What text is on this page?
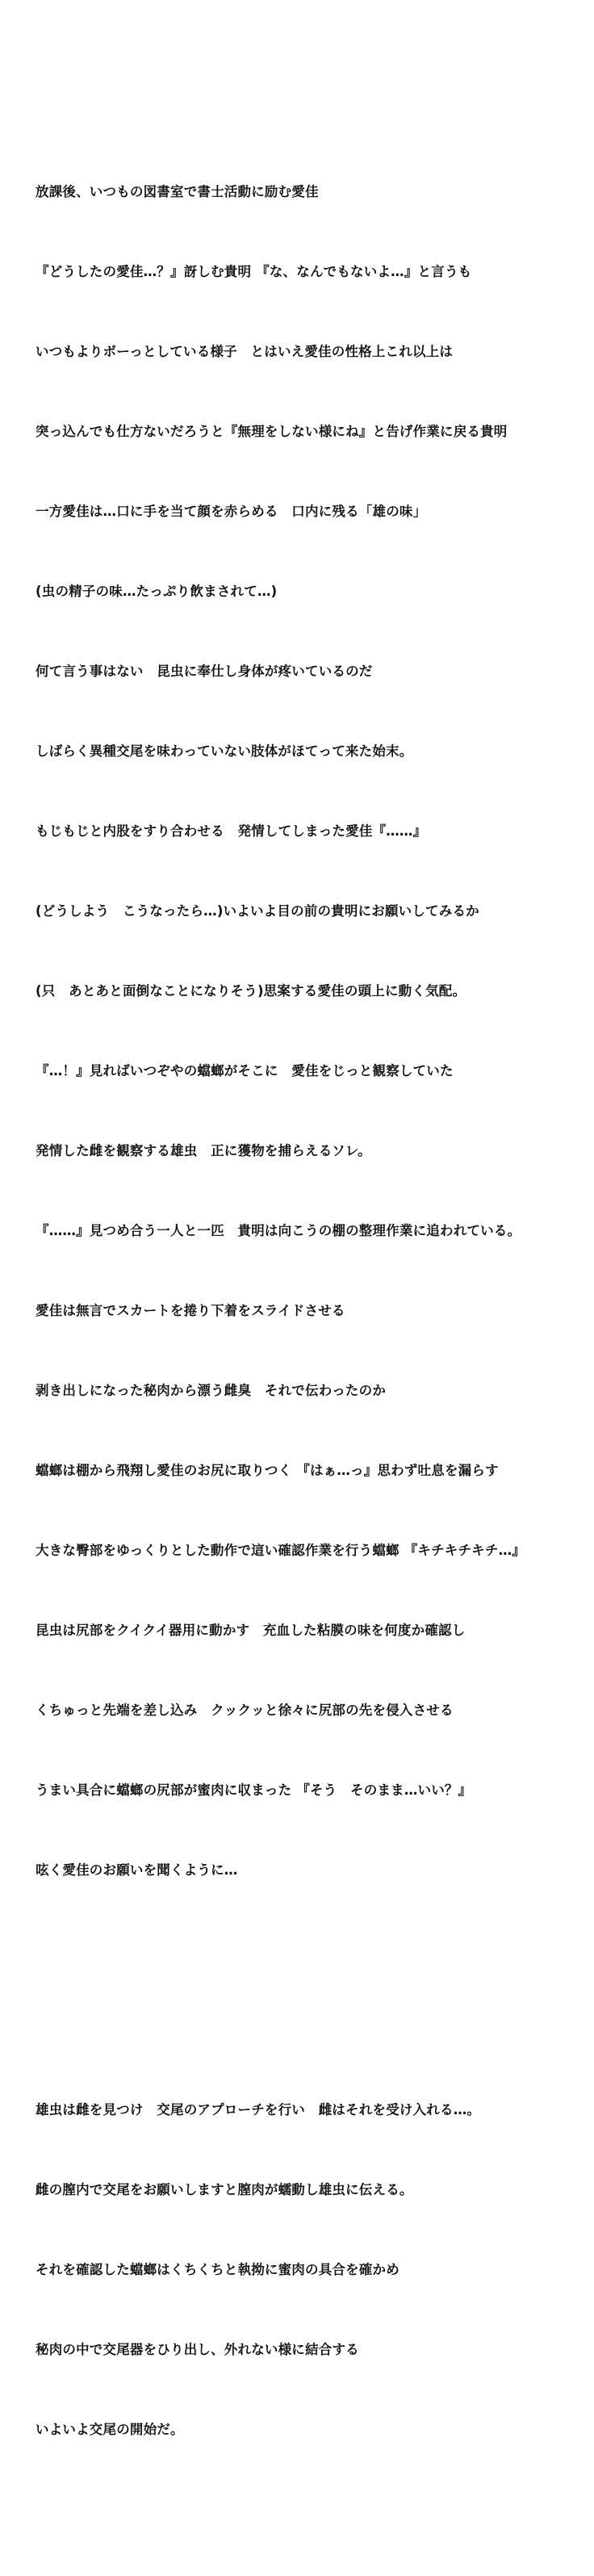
放課後、いつもの図書室で書士活動に励む愛佳

『どうしたの愛佳…？』訝しむ貴明 『な、なんでもないよ…』と言うも

いつもよりボーっとしている様子　とはいえ愛佳の性格上これ以上は

突っ込んでも仕方ないだろうと『無理をしない様にね』と告げ作業に戻る貴明

一方愛佳は…口に手を当て顔を赤らめる　口内に残る「雄の味」

(虫の精子の味…たっぷり飲まされて…)

何て言う事はない　昆虫に奉仕し身体が疼いているのだ

しばらく異種交尾を味わっていない肢体がほてって来た始末。

もじもじと内股をすり合わせる　発情してしまった愛佳『……』

(どうしよう　こうなったら…)いよいよ目の前の貴明にお願いしてみるか

(只　あとあと面倒なことになりそう)思案する愛佳の頭上に動く気配。

『…！』見ればいつぞやの蟷螂がそこに　愛佳をじっと観察していた

発情した雌を観察する雄虫　正に獲物を捕らえるソレ。

『……』見つめ合う一人と一匹　貴明は向こうの棚の整理作業に追われている。

愛佳は無言でスカートを捲り下着をスライドさせる

剥き出しになった秘肉から漂う雌臭　それで伝わったのか

蟷螂は棚から飛翔し愛佳のお尻に取りつく 『はぁ…っ』思わず吐息を漏らす

大きな臀部をゆっくりとした動作で這い確認作業を行う蟷螂 『キチキチキチ…』

昆虫は尻部をクイクイ器用に動かす　充血した粘膜の味を何度か確認し

くちゅっと先端を差し込み　クックッと徐々に尻部の先を侵入させる

うまい具合に蟷螂の尻部が蜜肉に収まった 『そう　そのまま…いい？』

呟く愛佳のお願いを聞くように…

雄虫は雌を見つけ　交尾のアプローチを行い　雌はそれを受け入れる…。

雌の膣内で交尾をお願いしますと膣肉が蠕動し雄虫に伝える。

それを確認した蟷螂はくちくちと執拗に蜜肉の具合を確かめ

秘肉の中で交尾器をひり出し、外れない様に結合する

いよいよ交尾の開始だ。
